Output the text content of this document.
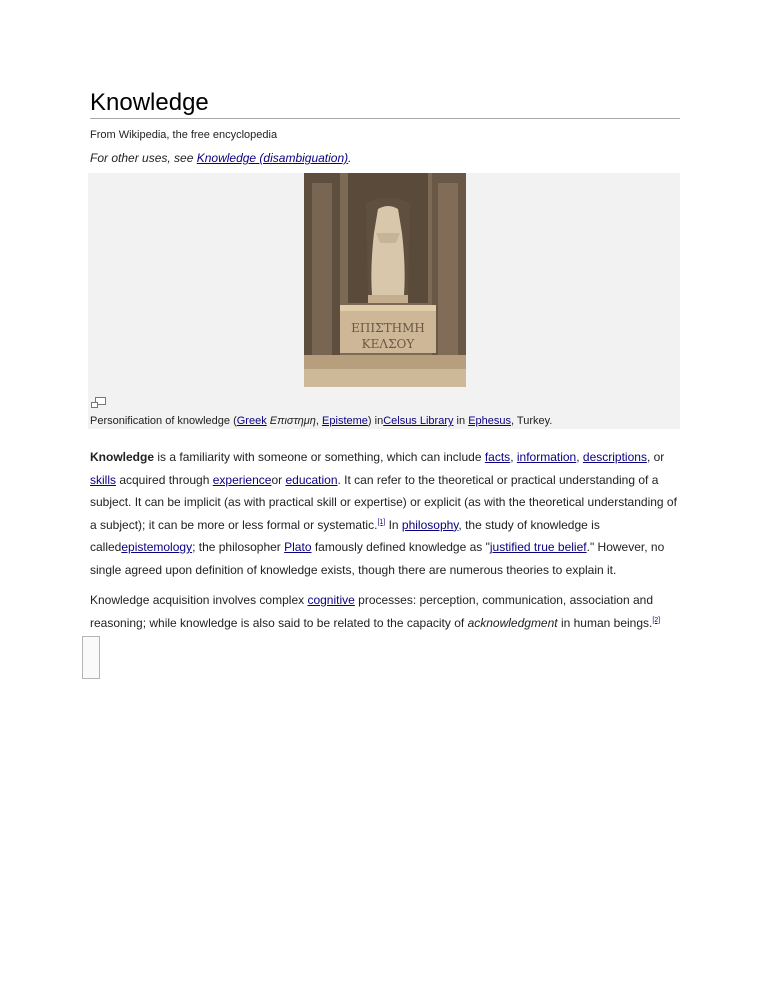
Knowledge
From Wikipedia, the free encyclopedia
For other uses, see Knowledge (disambiguation).
ΕΠΙΣΤΗΜΗ
ΚΕΛΣΟΥ
Personification of knowledge (Greek Επιστημη, Episteme) inCelsus Library in Ephesus, Turkey.
Knowledge is a familiarity with someone or something, which can include facts, information, descriptions, or skills acquired through experienceor education. It can refer to the theoretical or practical understanding of a subject. It can be implicit (as with practical skill or expertise) or explicit (as with the theoretical understanding of a subject); it can be more or less formal or systematic.[1] In philosophy, the study of knowledge is calledepistemology; the philosopher Plato famously defined knowledge as "justified true belief." However, no single agreed upon definition of knowledge exists, though there are numerous theories to explain it.
Knowledge acquisition involves complex cognitive processes: perception, communication, association and reasoning; while knowledge is also said to be related to the capacity of acknowledgment in human beings.[2]
